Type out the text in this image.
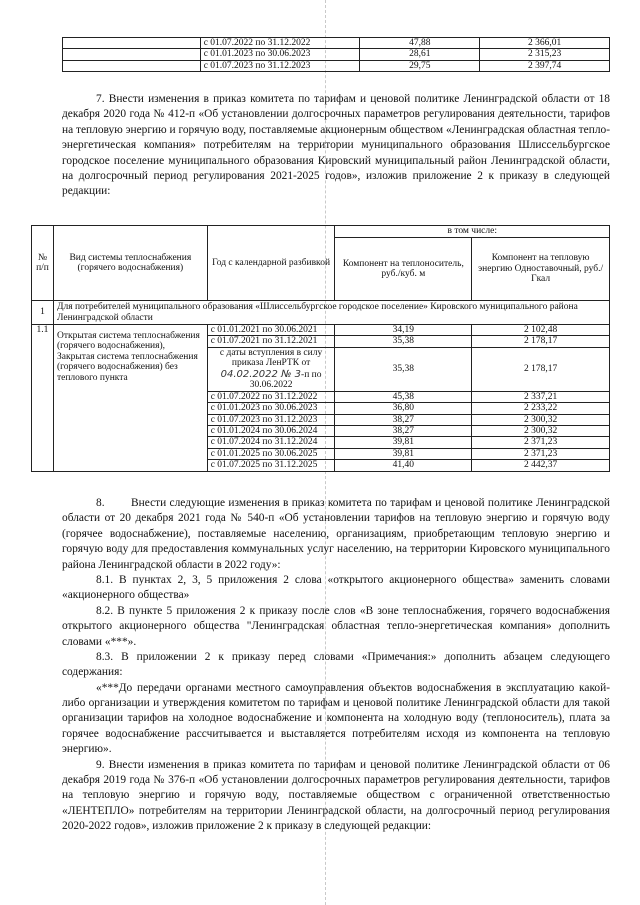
	с 01.07.2022 по 31.12.2022	47,88	2 366,01
	с 01.01.2023 по 30.06.2023	28,61	2 315,23
	с 01.07.2023 по 31.12.2023	29,75	2 397,74

7. Внести изменения в приказ комитета по тарифам и ценовой политике Ленинградской области от 18 декабря 2020 года № 412-п «Об установлении долгосрочных параметров регулирования деятельности, тарифов на тепловую энергию и горячую воду, поставляемые акционерным обществом «Ленинградская областная тепло-энергетическая компания» потребителям на территории муниципального образования Шлиссельбургское городское поселение муниципального образования Кировский муниципальный район Ленинградской области, на долгосрочный период регулирования 2021-2025 годов», изложив приложение 2 к приказу в следующей редакции:

№ п/п	Вид системы теплоснабжения (горячего водоснабжения)	Год с календарной разбивкой	в том числе:	
			Компонент на теплоноситель, руб./куб. м	Компонент на тепловую энергию Одноставочный, руб./Гкал
1	Для потребителей муниципального образования «Шлиссельбургское городское поселение» Кировского муниципального района Ленинградской области			
1.1	Открытая система теплоснабжения (горячего водоснабжения), Закрытая система теплоснабжения (горячего водоснабжения) без теплового пункта	с 01.01.2021 по 30.06.2021	34,19	2 102,48
		с 01.07.2021 по 31.12.2021	35,38	2 178,17
		с даты вступления в силу приказа ЛенРТК от
04.02.2022 № 3-п по 30.06.2022	35,38	2 178,17
		с 01.07.2022 по 31.12.2022	45,38	2 337,21
		с 01.01.2023 по 30.06.2023	36,80	2 233,22
		с 01.07.2023 по 31.12.2023	38,27	2 300,32
		с 01.01.2024 по 30.06.2024	38,27	2 300,32
		с 01.07.2024 по 31.12.2024	39,81	2 371,23
		с 01.01.2025 по 30.06.2025	39,81	2 371,23
		с 01.07.2025 по 31.12.2025	41,40	2 442,37

8.        Внести следующие изменения в приказ комитета по тарифам и ценовой политике Ленинградской области от 20 декабря 2021 года № 540-п «Об установлении тарифов на тепловую энергию и горячую воду (горячее водоснабжение), поставляемые населению, организациям, приобретающим тепловую энергию и горячую воду для предоставления коммунальных услуг населению, на территории Кировского муниципального района Ленинградской области в 2022 году»:

8.1. В пунктах 2, 3, 5 приложения 2 слова «открытого акционерного общества» заменить словами «акционерного общества»

8.2. В пункте 5 приложения 2 к приказу после слов «В зоне теплоснабжения, горячего водоснабжения открытого акционерного общества "Ленинградская областная тепло-энергетическая компания» дополнить словами «***».

8.3. В приложении 2 к приказу перед словами «Примечания:» дополнить абзацем следующего содержания:

«***До передачи органами местного самоуправления объектов водоснабжения в эксплуатацию какой-либо организации и утверждения комитетом по тарифам и ценовой политике Ленинградской области для такой организации тарифов на холодное водоснабжение и компонента на холодную воду (теплоноситель), плата за горячее водоснабжение рассчитывается и выставляется потребителям исходя из компонента на тепловую энергию».

9. Внести изменения в приказ комитета по тарифам и ценовой политике Ленинградской области от 06 декабря 2019 года № 376-п «Об установлении долгосрочных параметров регулирования деятельности, тарифов на тепловую энергию и горячую воду, поставляемые обществом с ограниченной ответственностью «ЛЕНТЕПЛО» потребителям на территории Ленинградской области, на долгосрочный период регулирования 2020-2022 годов», изложив приложение 2 к приказу в следующей редакции:
